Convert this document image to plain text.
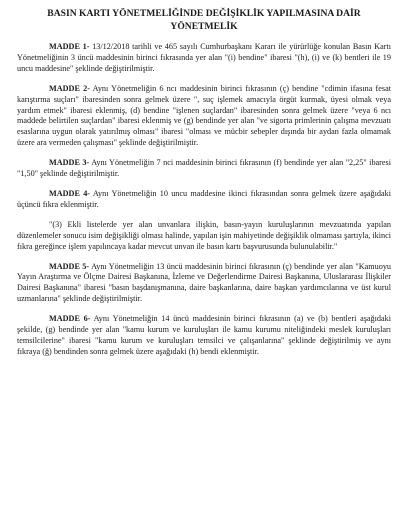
BASIN KARTI YÖNETMELİĞİNDE DEĞİŞİKLİK YAPILMASINA DAİR YÖNETMELİK

MADDE 1- 13/12/2018 tarihli ve 465 sayılı Cumhurbaşkanı Kararı ile yürürlüğe konulan Basın Kartı Yönetmeliğinin 3 üncü maddesinin birinci fıkrasında yer alan "(i) bendine" ibaresi "(h), (i) ve (k) bentleri ile 19 uncu maddesine" şeklinde değiştirilmiştir.

MADDE 2- Aynı Yönetmeliğin 6 ncı maddesinin birinci fıkrasının (ç) bendine "cdimin ifasına fesat karıştırma suçları" ibaresinden sonra gelmek üzere ", suç işlemek amacıyla örgüt kurmak, üyesi olmak veya yardım etmek" ibaresi eklenmiş, (d) bendine "işlenen suçlardan" ibaresinden sonra gelmek üzere "veya 6 ncı maddede belirtilen suçlardan" ibaresi eklenmiş ve (g) bendinde yer alan "ve sigorta primlerinin çalışma mevzuatı esaslarına uygun olarak yatırılmış olması" ibaresi "olması ve mücbir sebepler dışında bir aydan fazla olmamak üzere ara vermeden çalışması" şeklinde değiştirilmiştir.

MADDE 3- Aynı Yönetmeliğin 7 nci maddesinin birinci fıkrasının (f) bendinde yer alan "2,25" ibaresi "1,50" şeklinde değiştirilmiştir.

MADDE 4- Aynı Yönetmeliğin 10 uncu maddesine ikinci fıkrasından sonra gelmek üzere aşağıdaki üçüncü fıkra eklenmiştir.

"(3) Ekli listelerde yer alan unvanlara ilişkin, basın-yayın kuruluşlarının mevzuatında yapılan düzenlemeler sonucu isim değişikliği olması halinde, yapılan işin mahiyetinde değişiklik olmaması şartıyla, ikinci fıkra gereğince işlem yapılıncaya kadar mevcut unvan ile basın kartı başvurusunda bulunulabilir."

MADDE 5- Aynı Yönetmeliğin 13 üncü maddesinin birinci fıkrasının (ç) bendinde yer alan "Kamuoyu Yayın Araştırma ve Ölçme Dairesi Başkanına, İzleme ve Değerlendirme Dairesi Başkanına, Uluslararası İlişkiler Dairesi Başkanına" ibaresi "basın başdanışmanına, daire başkanlarına, daire başkan yardımcılarına ve üst kurul uzmanlarına" şeklinde değiştirilmiştir.

MADDE 6- Aynı Yönetmeliğin 14 üncü maddesinin birinci fıkrasının (a) ve (b) bentleri aşağıdaki şekilde, (g) bendinde yer alan "kamu kurum ve kuruluşları ile kamu kurumu niteliğindeki meslek kuruluşları temsilcilerine" ibaresi "kamu kurum ve kuruluşları temsilci ve çalışanlarına" şeklinde değiştirilmiş ve aynı fıkraya (ğ) bendinden sonra gelmek üzere aşağıdaki (h) bendi eklenmiştir.
